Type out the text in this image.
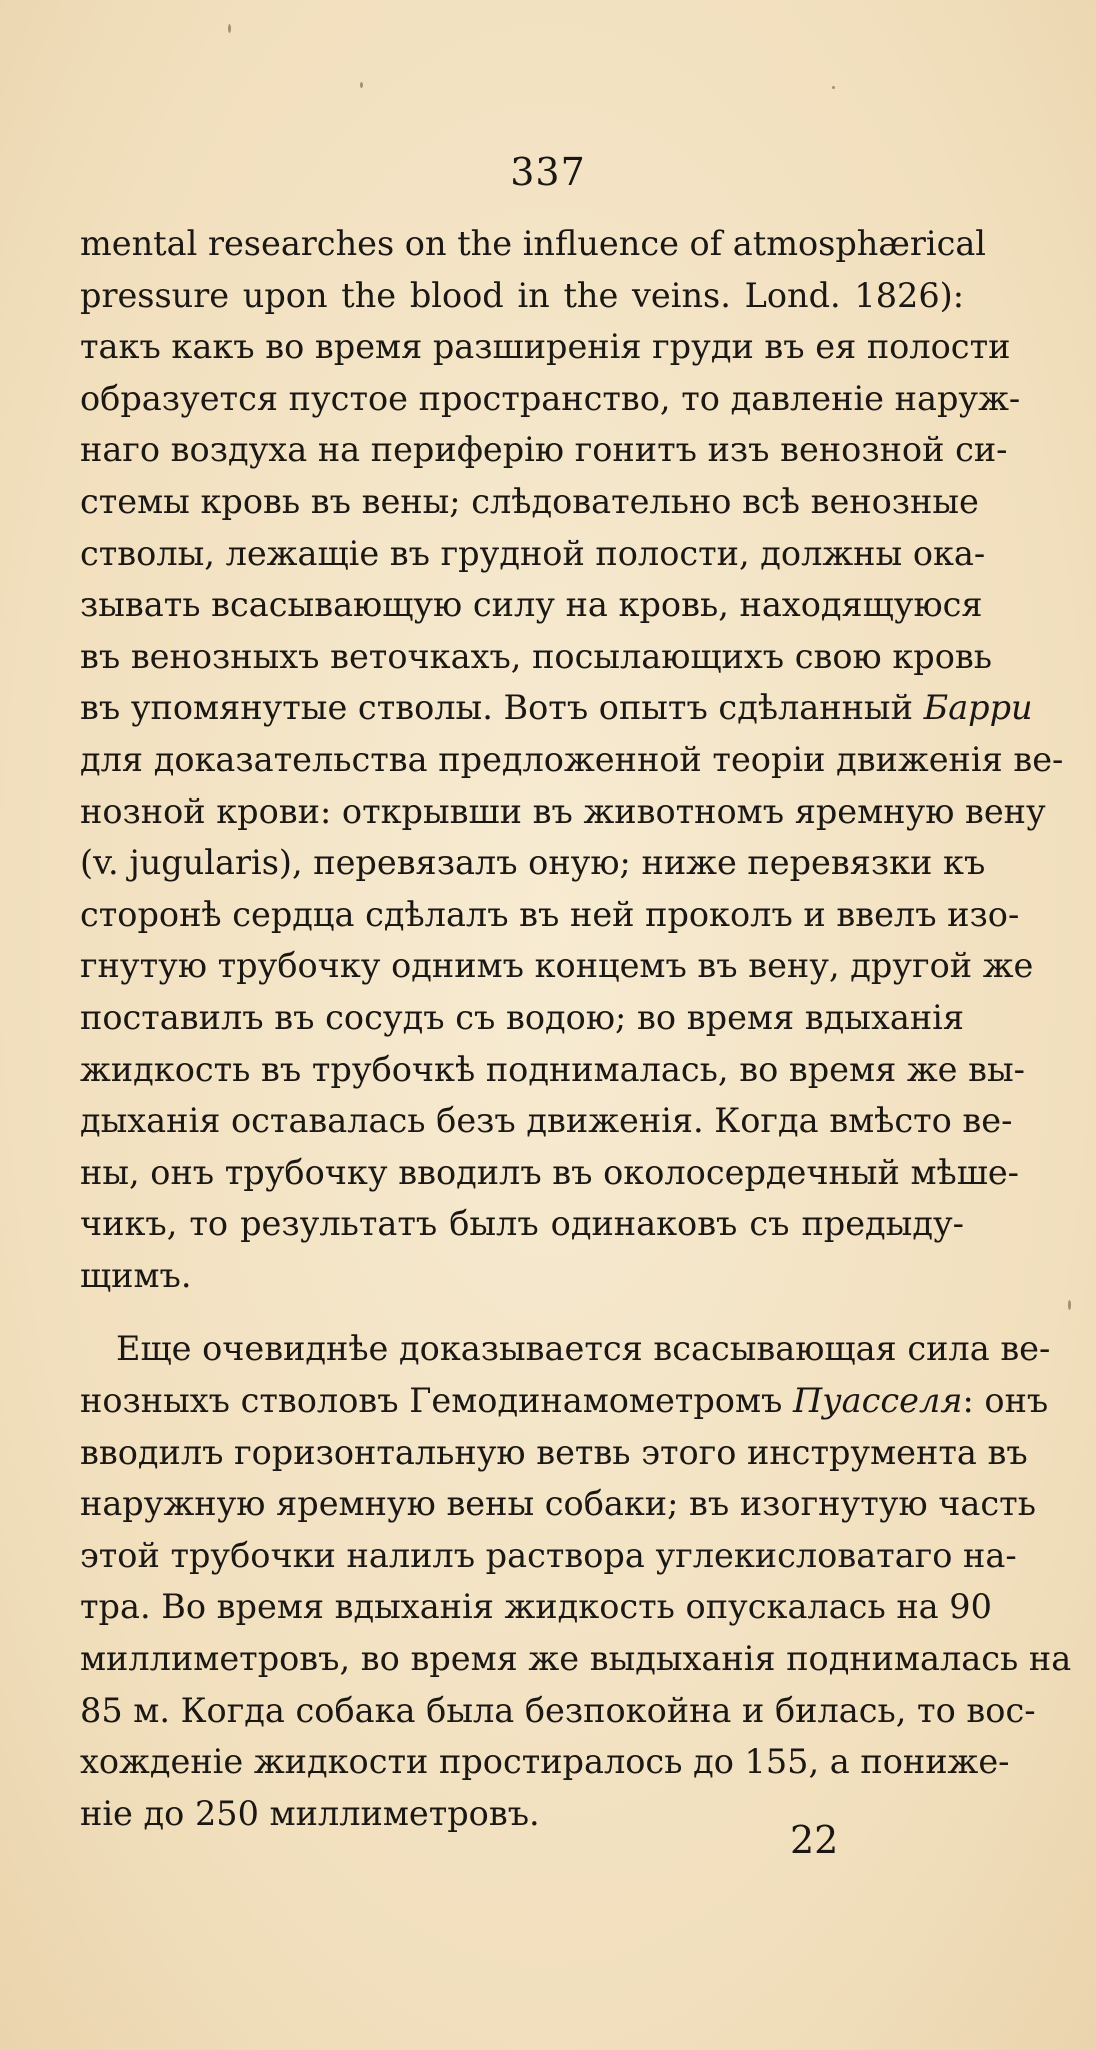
337
mental researches on the influence of atmosphærical
pressure upon the blood in the veins. Lond. 1826):
такъ какъ во время разширенія груди въ ея полости
образуется пустое пространство, то давленіе наруж-
наго воздуха на периферію гонитъ изъ венозной си-
стемы кровь въ вены; слѣдовательно всѣ венозные
стволы, лежащіе въ грудной полости, должны ока-
зывать всасывающую силу на кровь, находящуюся
въ венозныхъ веточкахъ, посылающихъ свою кровь
въ упомянутые стволы. Вотъ опытъ сдѣланный Барри
для доказательства предложенной теоріи движенія ве-
нозной крови: открывши въ животномъ яремную вену
(v. jugularis), перевязалъ оную; ниже перевязки къ
сторонѣ сердца сдѣлалъ въ ней проколъ и ввелъ изо-
гнутую трубочку однимъ концемъ въ вену, другой же
поставилъ въ сосудъ съ водою; во время вдыханія
жидкость въ трубочкѣ поднималась, во время же вы-
дыханія оставалась безъ движенія. Когда вмѣсто ве-
ны, онъ трубочку вводилъ въ околосердечный мѣше-
чикъ, то результатъ былъ одинаковъ съ предыду-
щимъ.
Еще очевиднѣе доказывается всасывающая сила ве-
нозныхъ стволовъ Гемодинамометромъ Пуасселя: онъ
вводилъ горизонтальную ветвь этого инструмента въ
наружную яремную вены собаки; въ изогнутую часть
этой трубочки налилъ раствора углекисловатаго на-
тра. Во время вдыханія жидкость опускалась на 90
миллиметровъ, во время же выдыханія поднималась на
85 м. Когда собака была безпокойна и билась, то вос-
хожденіе жидкости простиралось до 155, а пониже-
ніе до 250 миллиметровъ.
22
